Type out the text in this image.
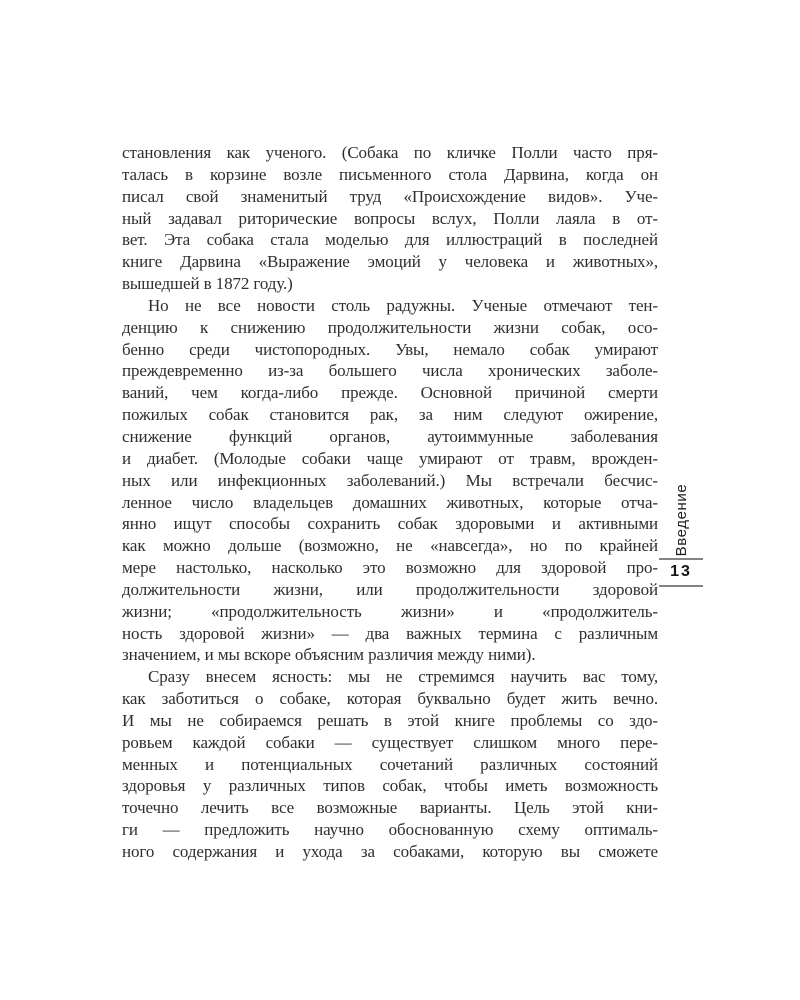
становления как ученого. (Собака по кличке Полли часто пря-
талась в корзине возле письменного стола Дарвина, когда он
писал свой знаменитый труд «Происхождение видов». Уче-
ный задавал риторические вопросы вслух, Полли лаяла в от-
вет. Эта собака стала моделью для иллюстраций в последней
книге Дарвина «Выражение эмоций у человека и животных»,
вышедшей в 1872 году.)
Но не все новости столь радужны. Ученые отмечают тен-
денцию к снижению продолжительности жизни собак, осо-
бенно среди чистопородных. Увы, немало собак умирают
преждевременно из-за большего числа хронических заболе-
ваний, чем когда-либо прежде. Основной причиной смерти
пожилых собак становится рак, за ним следуют ожирение,
снижение функций органов, аутоиммунные заболевания
и диабет. (Молодые собаки чаще умирают от травм, врожден-
ных или инфекционных заболеваний.) Мы встречали бесчис-
ленное число владельцев домашних животных, которые отча-
янно ищут способы сохранить собак здоровыми и активными
как можно дольше (возможно, не «навсегда», но по крайней
мере настолько, насколько это возможно для здоровой про-
должительности жизни, или продолжительности здоровой
жизни; «продолжительность жизни» и «продолжитель-
ность здоровой жизни» — два важных термина с различным
значением, и мы вскоре объясним различия между ними).
Сразу внесем ясность: мы не стремимся научить вас тому,
как заботиться о собаке, которая буквально будет жить вечно.
И мы не собираемся решать в этой книге проблемы со здо-
ровьем каждой собаки — существует слишком много пере-
менных и потенциальных сочетаний различных состояний
здоровья у различных типов собак, чтобы иметь возможность
точечно лечить все возможные варианты. Цель этой кни-
ги — предложить научно обоснованную схему оптималь-
ного содержания и ухода за собаками, которую вы сможете
Введение
13
